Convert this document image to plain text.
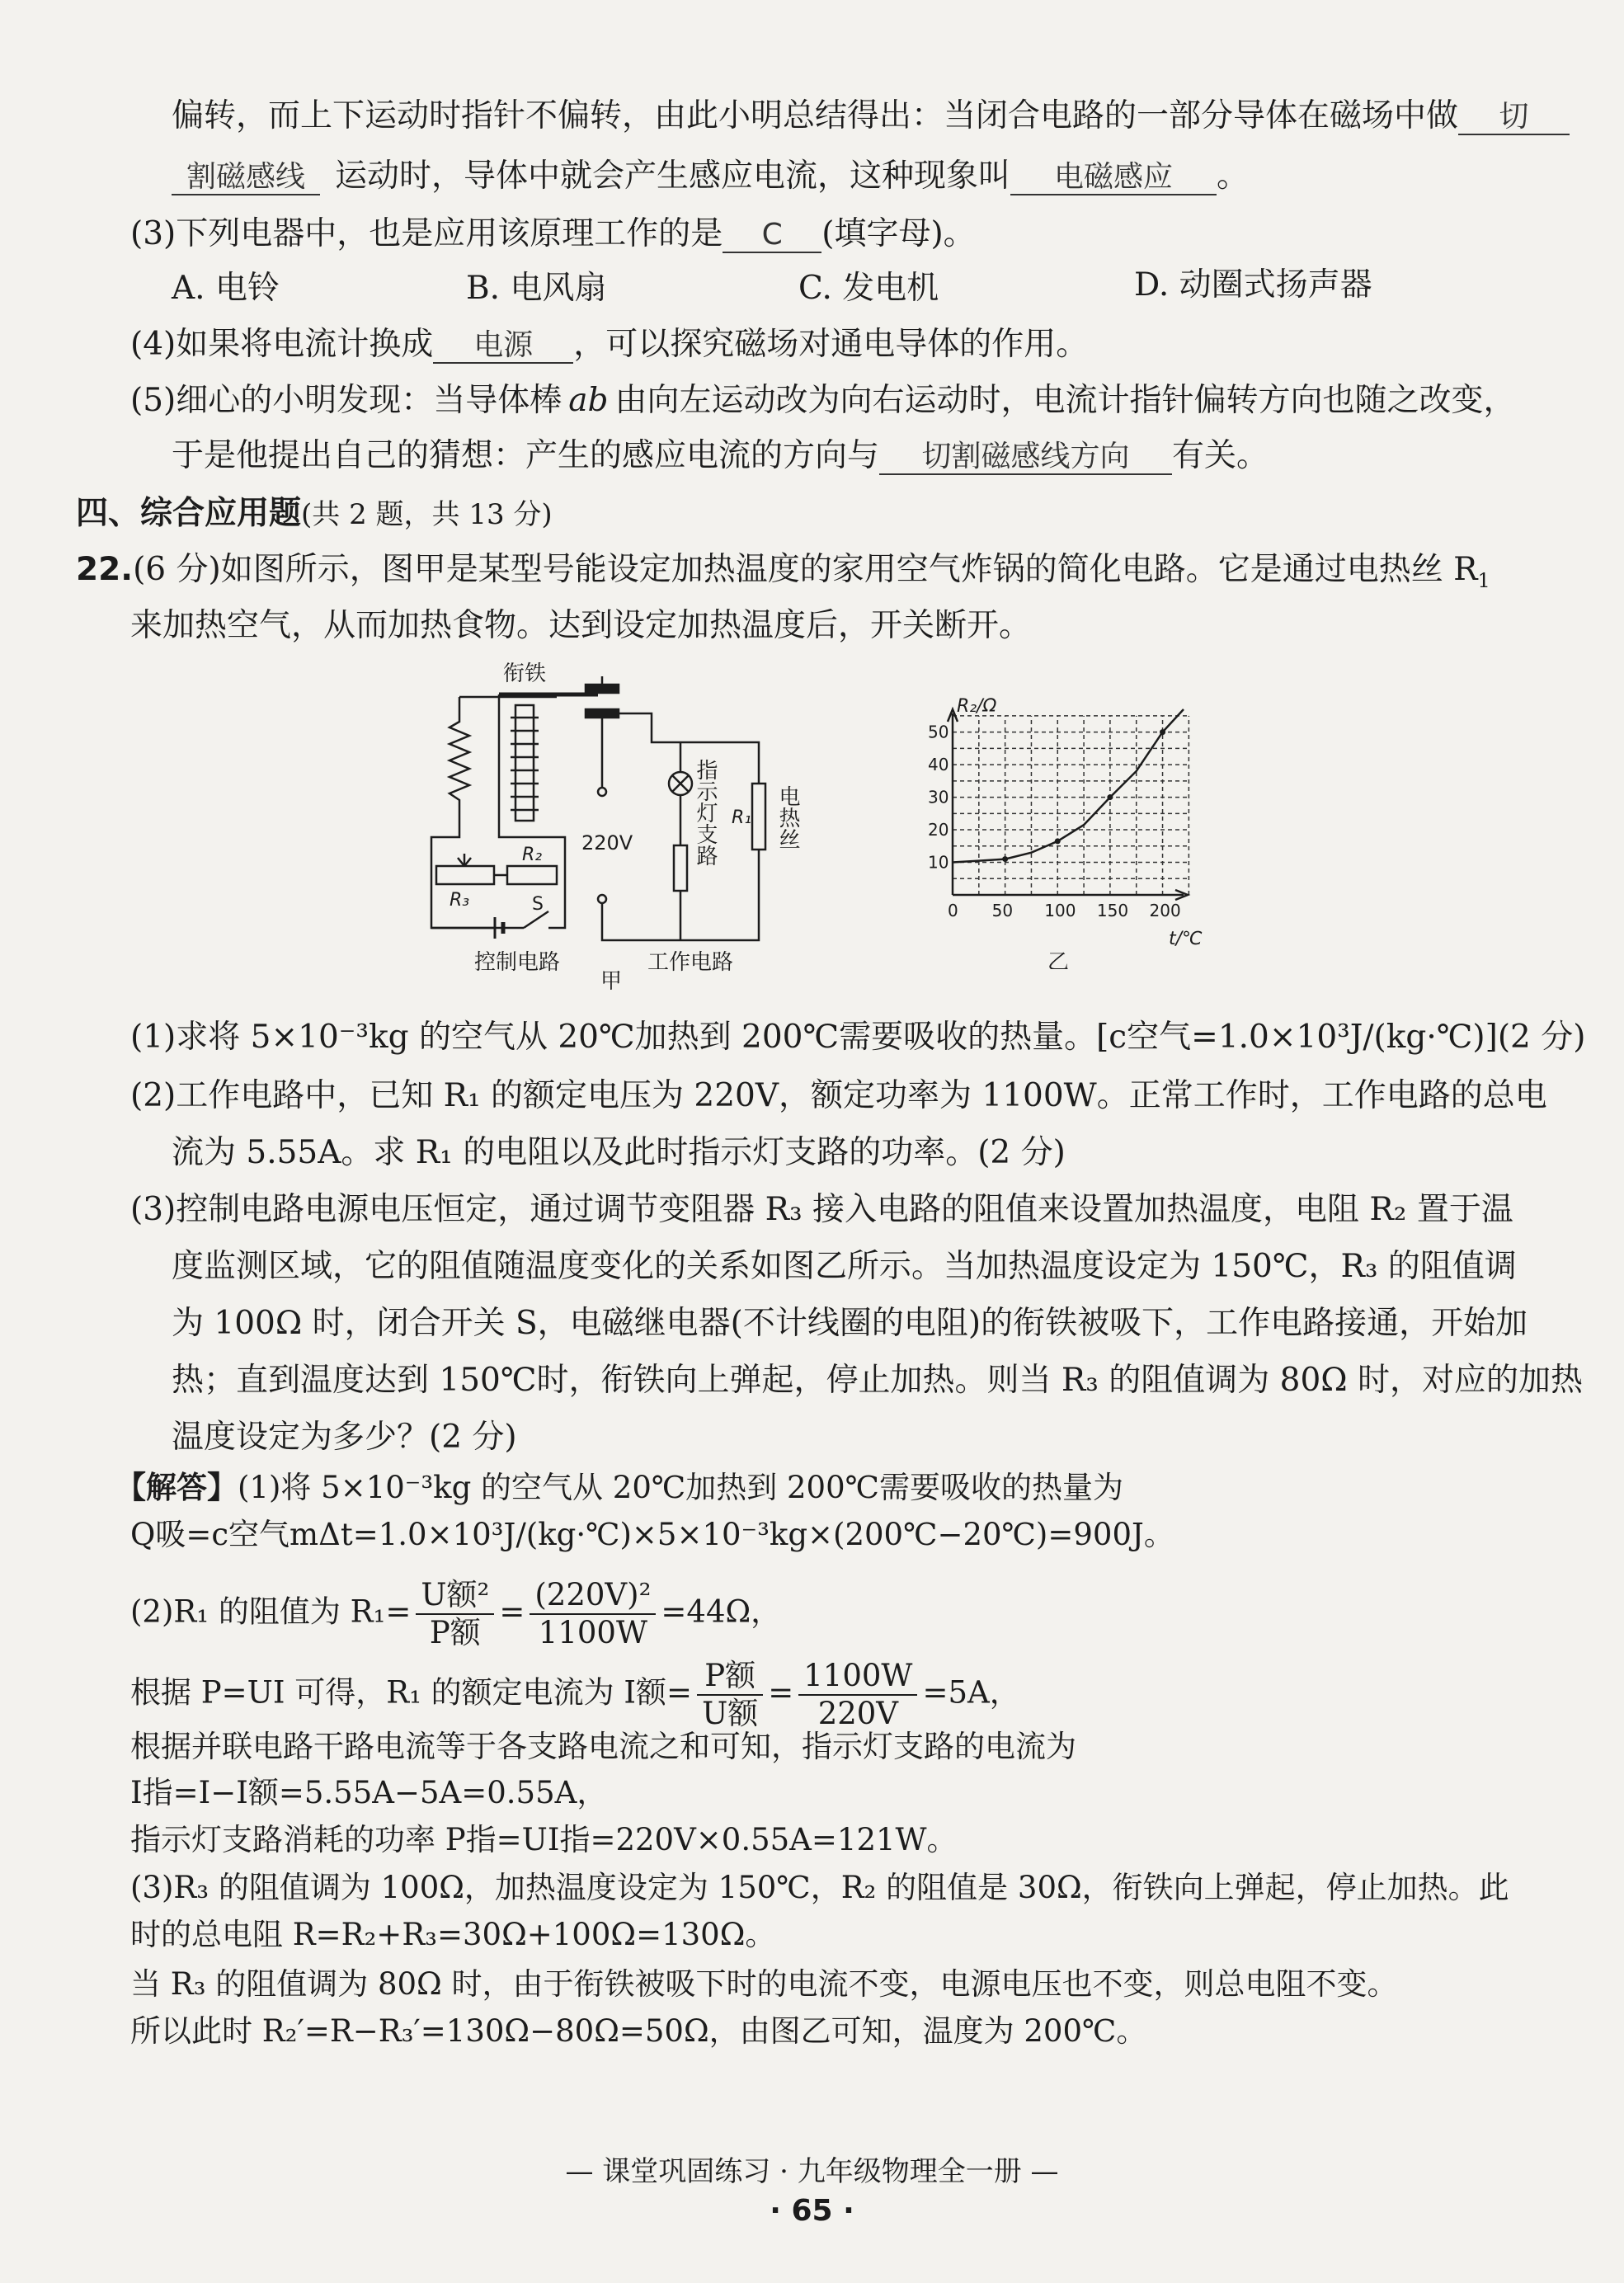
偏转，而上下运动时指针不偏转，由此小明总结得出：当闭合电路的一部分导体在磁场中做 切
割磁感线 运动时，导体中就会产生感应电流，这种现象叫 电磁感应 。
(3)下列电器中，也是应用该原理工作的是 C (填字母)。
A. 电铃	B. 电风扇	C. 发电机	D. 动圈式扬声器
(4)如果将电流计换成 电源 ，可以探究磁场对通电导体的作用。
(5)细心的小明发现：当导体棒 ab 由向左运动改为向右运动时，电流计指针偏转方向也随之改变，
于是他提出自己的猜想：产生的感应电流的方向与 切割磁感线方向 有关。
四、综合应用题(共 2 题，共 13 分)
22.(6 分)如图所示，图甲是某型号能设定加热温度的家用空气炸锅的简化电路。它是通过电热丝 $R_1$
来加热空气，从而加热食物。达到设定加热温度后，开关断开。
衔铁
220V
R₁
R₂
R₃	S
指示灯支路	电热丝
控制电路	工作电路
甲
0 50 100 150 200
10
20
30
40
50
R₂/Ω
t/℃
乙
(1)求将 5×10⁻³kg 的空气从 20℃加热到 200℃需要吸收的热量。[c空气=1.0×10³J/(kg·℃)](2 分)
(2)工作电路中，已知 R₁ 的额定电压为 220V，额定功率为 1100W。正常工作时，工作电路的总电
流为 5.55A。求 R₁ 的电阻以及此时指示灯支路的功率。(2 分)
(3)控制电路电源电压恒定，通过调节变阻器 R₃ 接入电路的阻值来设置加热温度，电阻 R₂ 置于温
度监测区域，它的阻值随温度变化的关系如图乙所示。当加热温度设定为 150℃，R₃ 的阻值调
为 100Ω 时，闭合开关 S，电磁继电器(不计线圈的电阻)的衔铁被吸下，工作电路接通，开始加
热；直到温度达到 150℃时，衔铁向上弹起，停止加热。则当 R₃ 的阻值调为 80Ω 时，对应的加热
温度设定为多少？(2 分)
【解答】(1)将 5×10⁻³kg 的空气从 20℃加热到 200℃需要吸收的热量为
Q吸=c空气mΔt=1.0×10³J/(kg·℃)×5×10⁻³kg×(200℃−20℃)=900J。
(2)R₁ 的阻值为 $R_1= \frac{\text{U额²}}{\text{P额}} = \frac{\text{(220V)²}}{1100W} =44\Omega$，
根据 P=UI 可得，R₁ 的额定电流为 I额= $\frac{\text{P额}}{\text{U额}} = \frac{1100W}{220V} =5A$，
根据并联电路干路电流等于各支路电流之和可知，指示灯支路的电流为
I指=I−I额=5.55A−5A=0.55A，
指示灯支路消耗的功率 P指=UI指=220V×0.55A=121W。
(3)R₃ 的阻值调为 100Ω，加热温度设定为 150℃，R₂ 的阻值是 30Ω，衔铁向上弹起，停止加热。此
时的总电阻 R=R₂+R₃=30Ω+100Ω=130Ω。
当 R₃ 的阻值调为 80Ω 时，由于衔铁被吸下时的电流不变，电源电压也不变，则总电阻不变。
所以此时 R₂′=R−R₃′=130Ω−80Ω=50Ω，由图乙可知，温度为 200℃。
— 课堂巩固练习 · 九年级物理全一册 —
· 65 ·
